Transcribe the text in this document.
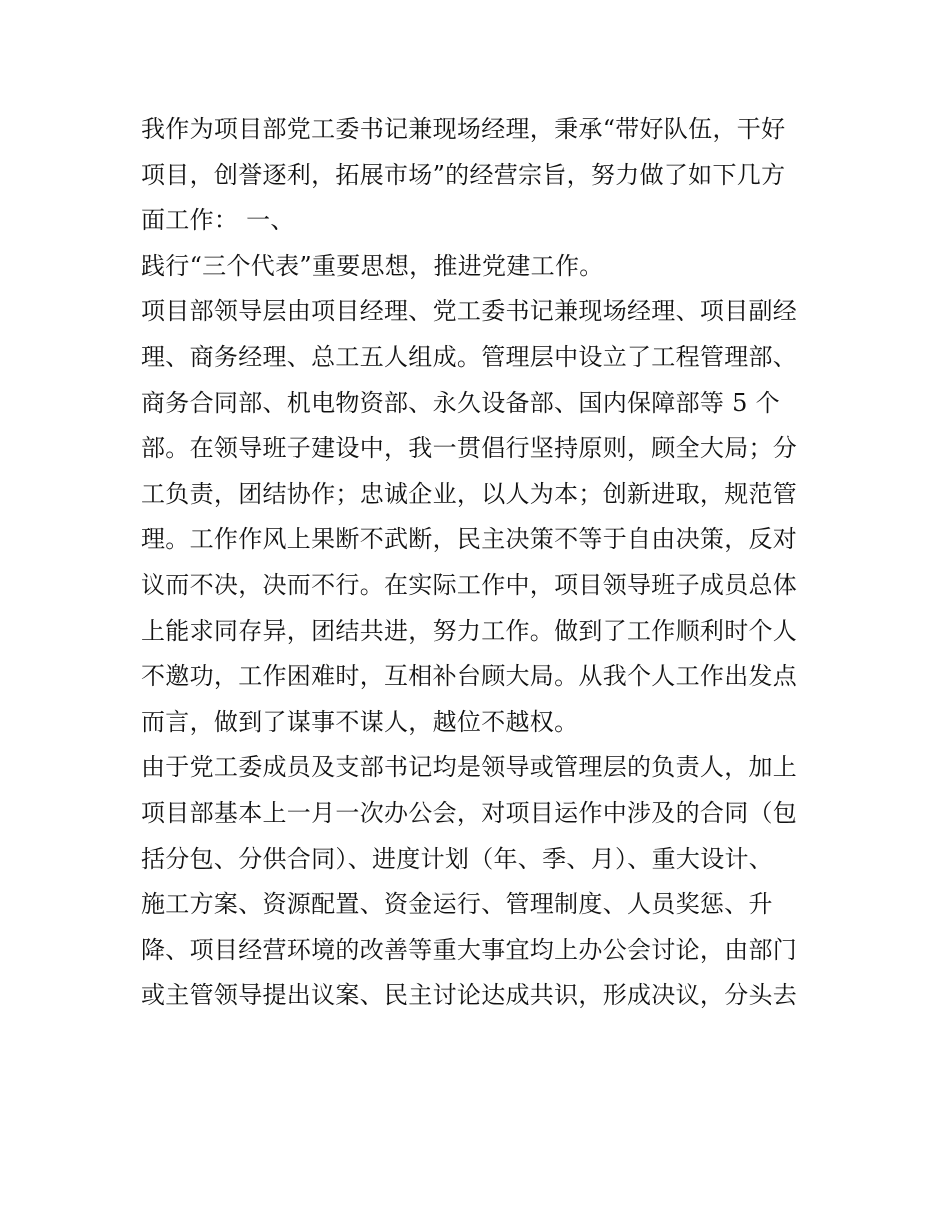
我作为项目部党工委书记兼现场经理，秉承“带好队伍，干好
项目，创誉逐利，拓展市场”的经营宗旨，努力做了如下几方
面工作： 一、
践行“三个代表”重要思想，推进党建工作。
项目部领导层由项目经理、党工委书记兼现场经理、项目副经
理、商务经理、总工五人组成。管理层中设立了工程管理部、
商务合同部、机电物资部、永久设备部、国内保障部等 5 个
部。在领导班子建设中，我一贯倡行坚持原则，顾全大局；分
工负责，团结协作；忠诚企业，以人为本；创新进取，规范管
理。工作作风上果断不武断，民主决策不等于自由决策，反对
议而不决，决而不行。在实际工作中，项目领导班子成员总体
上能求同存异，团结共进，努力工作。做到了工作顺利时个人
不邀功，工作困难时，互相补台顾大局。从我个人工作出发点
而言，做到了谋事不谋人，越位不越权。
由于党工委成员及支部书记均是领导或管理层的负责人，加上
项目部基本上一月一次办公会，对项目运作中涉及的合同（包
括分包、分供合同）、进度计划（年、季、月）、重大设计、
施工方案、资源配置、资金运行、管理制度、人员奖惩、升
降、项目经营环境的改善等重大事宜均上办公会讨论，由部门
或主管领导提出议案、民主讨论达成共识，形成决议，分头去
